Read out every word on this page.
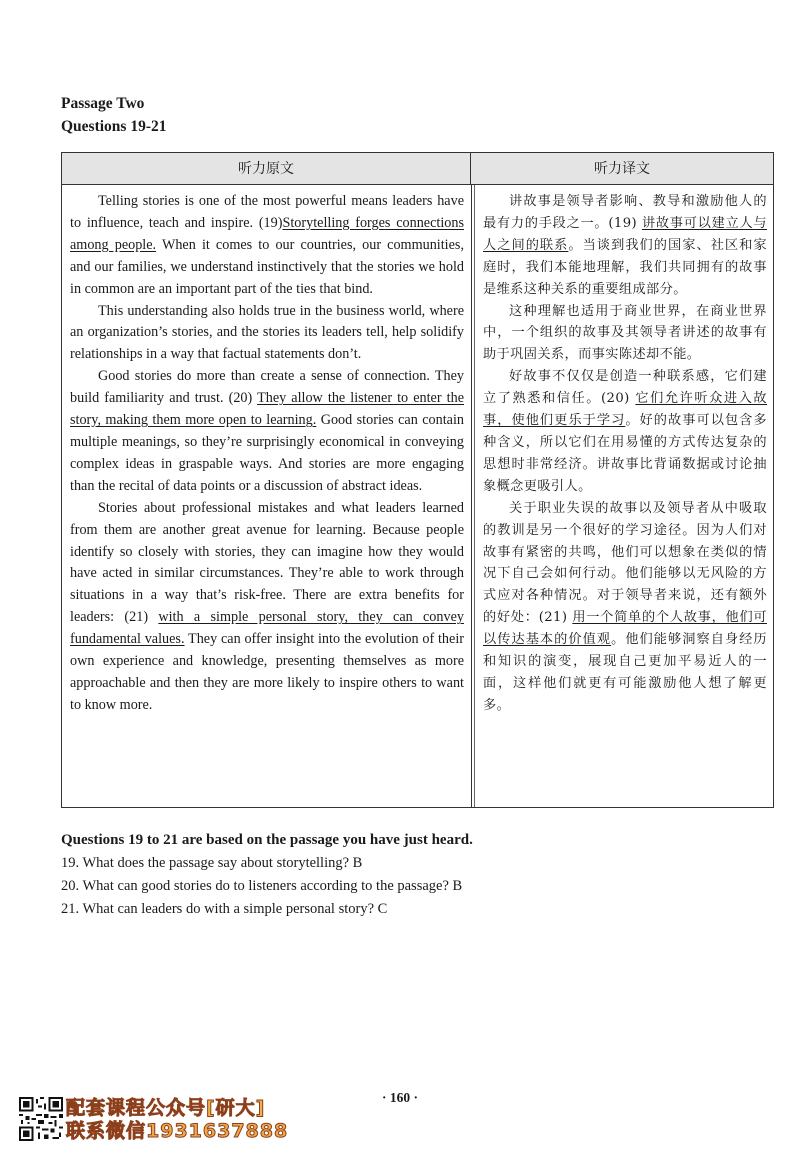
Passage Two
Questions 19-21
听力原文	听力译文

Telling stories is one of the most powerful means leaders have to influence, teach and inspire. (19)Storytelling forges connections among people. When it comes to our countries, our communities, and our families, we understand instinctively that the stories we hold in common are an important part of the ties that bind.

This understanding also holds true in the business world, where an organization’s stories, and the stories its leaders tell, help solidify relationships in a way that factual statements don’t.

Good stories do more than create a sense of connection. They build familiarity and trust. (20) They allow the listener to enter the story, making them more open to learning. Good stories can contain multiple meanings, so they’re surprisingly economical in conveying complex ideas in graspable ways. And stories are more engaging than the recital of data points or a discussion of abstract ideas.

Stories about professional mistakes and what leaders learned from them are another great avenue for learning. Because people identify so closely with stories, they can imagine how they would have acted in similar circumstances. They’re able to work through situations in a way that’s risk-free. There are extra benefits for leaders: (21) with a simple personal story, they can convey fundamental values. They can offer insight into the evolution of their own experience and knowledge, presenting themselves as more approachable and then they are more likely to inspire others to want to know more.

讲故事是领导者影响、教导和激励他人的最有力的手段之一。(19) 讲故事可以建立人与人之间的联系。当谈到我们的国家、社区和家庭时，我们本能地理解，我们共同拥有的故事是维系这种关系的重要组成部分。

这种理解也适用于商业世界，在商业世界中，一个组织的故事及其领导者讲述的故事有助于巩固关系，而事实陈述却不能。

好故事不仅仅是创造一种联系感，它们建立了熟悉和信任。(20) 它们允许听众进入故事，使他们更乐于学习。好的故事可以包含多种含义，所以它们在用易懂的方式传达复杂的思想时非常经济。讲故事比背诵数据或讨论抽象概念更吸引人。

关于职业失误的故事以及领导者从中吸取的教训是另一个很好的学习途径。因为人们对故事有紧密的共鸣，他们可以想象在类似的情况下自己会如何行动。他们能够以无风险的方式应对各种情况。对于领导者来说，还有额外的好处：(21) 用一个简单的个人故事，他们可以传达基本的价值观。他们能够洞察自身经历和知识的演变，展现自己更加平易近人的一面，这样他们就更有可能激励他人想了解更多。

Questions 19 to 21 are based on the passage you have just heard.
19. What does the passage say about storytelling? B
20. What can good stories do to listeners according to the passage? B
21. What can leaders do with a simple personal story? C
· 160 ·
配套课程公众号[研大]
联系微信1931637888
